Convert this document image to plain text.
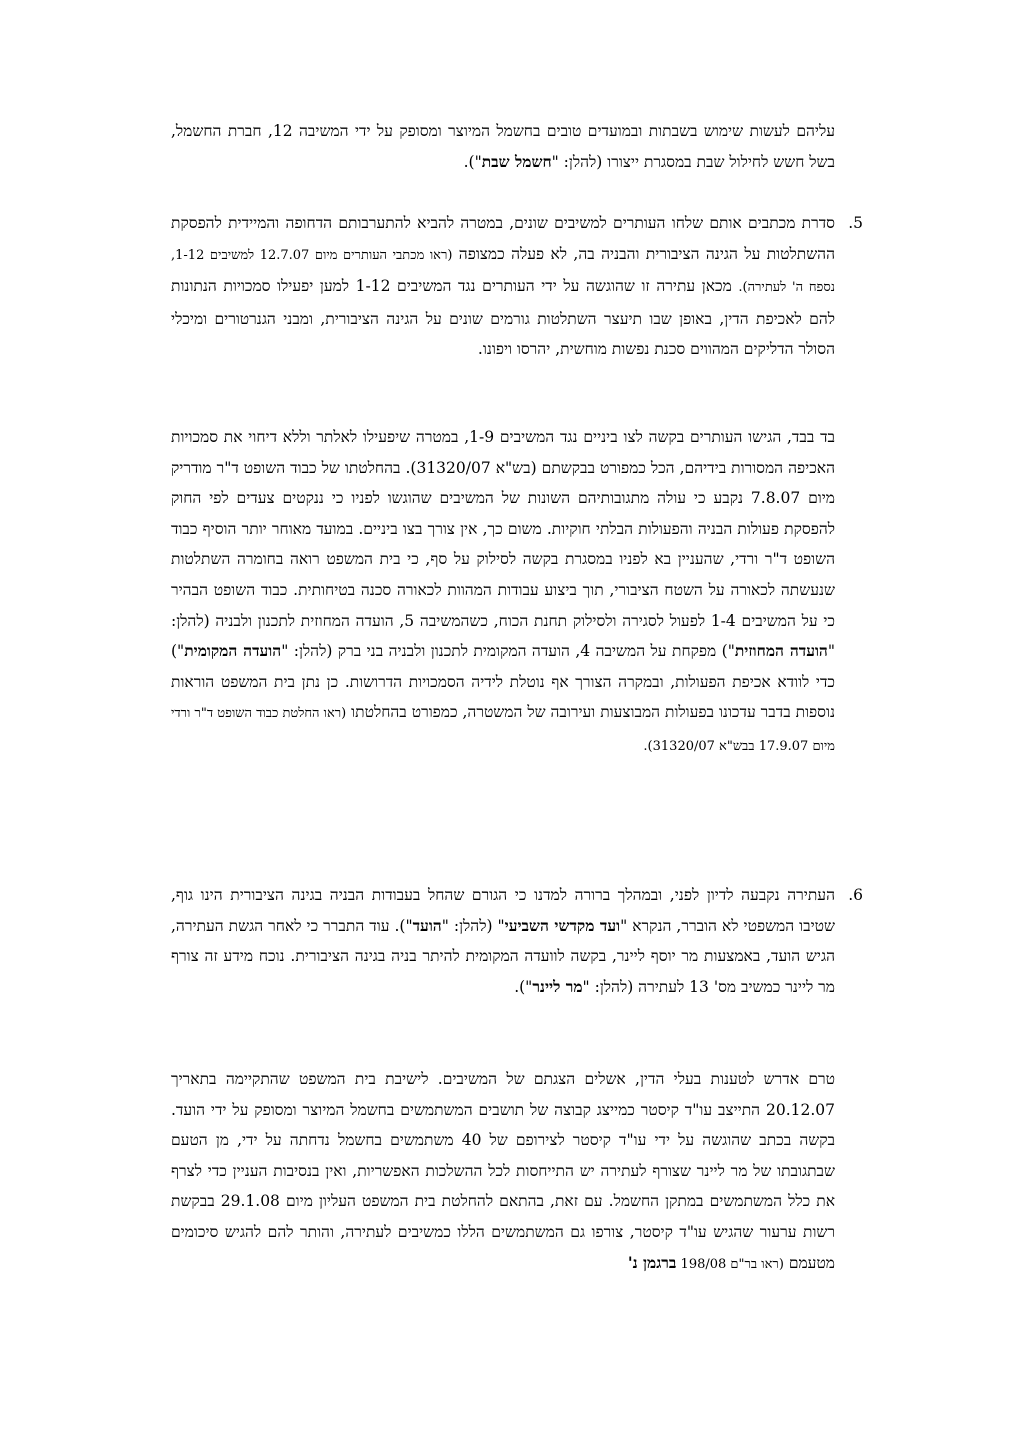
עליהם לעשות שימוש בשבתות ובמועדים טובים בחשמל המיוצר ומסופק על ידי המשיבה 12, חברת החשמל, בשל חשש לחילול שבת במסגרת ייצורו (להלן: "חשמל שבת").
5.
סדרת מכתבים אותם שלחו העותרים למשיבים שונים, במטרה להביא להתערבותם הדחופה והמיידית להפסקת ההשתלטות על הגינה הציבורית והבניה בה, לא פעלה כמצופה (ראו מכתבי העותרים מיום 12.7.07 למשיבים 1-12, נספח ה' לעתירה). מכאן עתירה זו שהוגשה על ידי העותרים נגד המשיבים 1-12 למען יפעילו סמכויות הנתונות להם לאכיפת הדין, באופן שבו תיעצר השתלטות גורמים שונים על הגינה הציבורית, ומבני הגנרטורים ומיכלי הסולר הדליקים המהווים סכנת נפשות מוחשית, יהרסו ויפונו.
בד בבד, הגישו העותרים בקשה לצו ביניים נגד המשיבים 1-9, במטרה שיפעילו לאלתר וללא דיחוי את סמכויות האכיפה המסורות בידיהם, הכל כמפורט בבקשתם (בש"א 31320/07). בהחלטתו של כבוד השופט ד"ר מודריק מיום 7.8.07 נקבע כי עולה מתגובותיהם השונות של המשיבים שהוגשו לפניו כי ננקטים צעדים לפי החוק להפסקת פעולות הבניה והפעולות הבלתי חוקיות. משום כך, אין צורך בצו ביניים. במועד מאוחר יותר הוסיף כבוד השופט ד"ר ורדי, שהעניין בא לפניו במסגרת בקשה לסילוק על סף, כי בית המשפט רואה בחומרה השתלטות שנעשתה לכאורה על השטח הציבורי, תוך ביצוע עבודות המהוות לכאורה סכנה בטיחותית. כבוד השופט הבהיר כי על המשיבים 1-4 לפעול לסגירה ולסילוק תחנת הכוח, כשהמשיבה 5, הועדה המחוזית לתכנון ולבניה (להלן: "הועדה המחוזית") מפקחת על המשיבה 4, הועדה המקומית לתכנון ולבניה בני ברק (להלן: "הועדה המקומית") כדי לוודא אכיפת הפעולות, ובמקרה הצורך אף נוטלת לידיה הסמכויות הדרושות. כן נתן בית המשפט הוראות נוספות בדבר עדכונו בפעולות המבוצעות ועירובה של המשטרה, כמפורט בהחלטתו (ראו החלטת כבוד השופט ד"ר ורדי מיום 17.9.07 בבש"א 31320/07).
6.
העתירה נקבעה לדיון לפני, ובמהלך ברורה למדנו כי הגורם שהחל בעבודות הבניה בגינה הציבורית הינו גוף, שטיבו המשפטי לא הוברר, הנקרא "ועד מקדשי השביעי" (להלן: "הועד"). עוד התברר כי לאחר הגשת העתירה, הגיש הועד, באמצעות מר יוסף ליינר, בקשה לוועדה המקומית להיתר בניה בגינה הציבורית. נוכח מידע זה צורף מר ליינר כמשיב מס' 13 לעתירה (להלן: "מר ליינר").
טרם אדרש לטענות בעלי הדין, אשלים הצגתם של המשיבים. לישיבת בית המשפט שהתקיימה בתאריך 20.12.07 התייצב עו"ד קיסטר כמייצג קבוצה של תושבים המשתמשים בחשמל המיוצר ומסופק על ידי הועד. בקשה בכתב שהוגשה על ידי עו"ד קיסטר לצירופם של 40 משתמשים בחשמל נדחתה על ידי, מן הטעם שבתגובתו של מר ליינר שצורף לעתירה יש התייחסות לכל ההשלכות האפשריות, ואין בנסיבות העניין כדי לצרף את כלל המשתמשים במתקן החשמל. עם זאת, בהתאם להחלטת בית המשפט העליון מיום 29.1.08 בבקשת רשות ערעור שהגיש עו"ד קיסטר, צורפו גם המשתמשים הללו כמשיבים לעתירה, והותר להם להגיש סיכומים מטעמם (ראו בר"ם 198/08 ברגמן נ'
